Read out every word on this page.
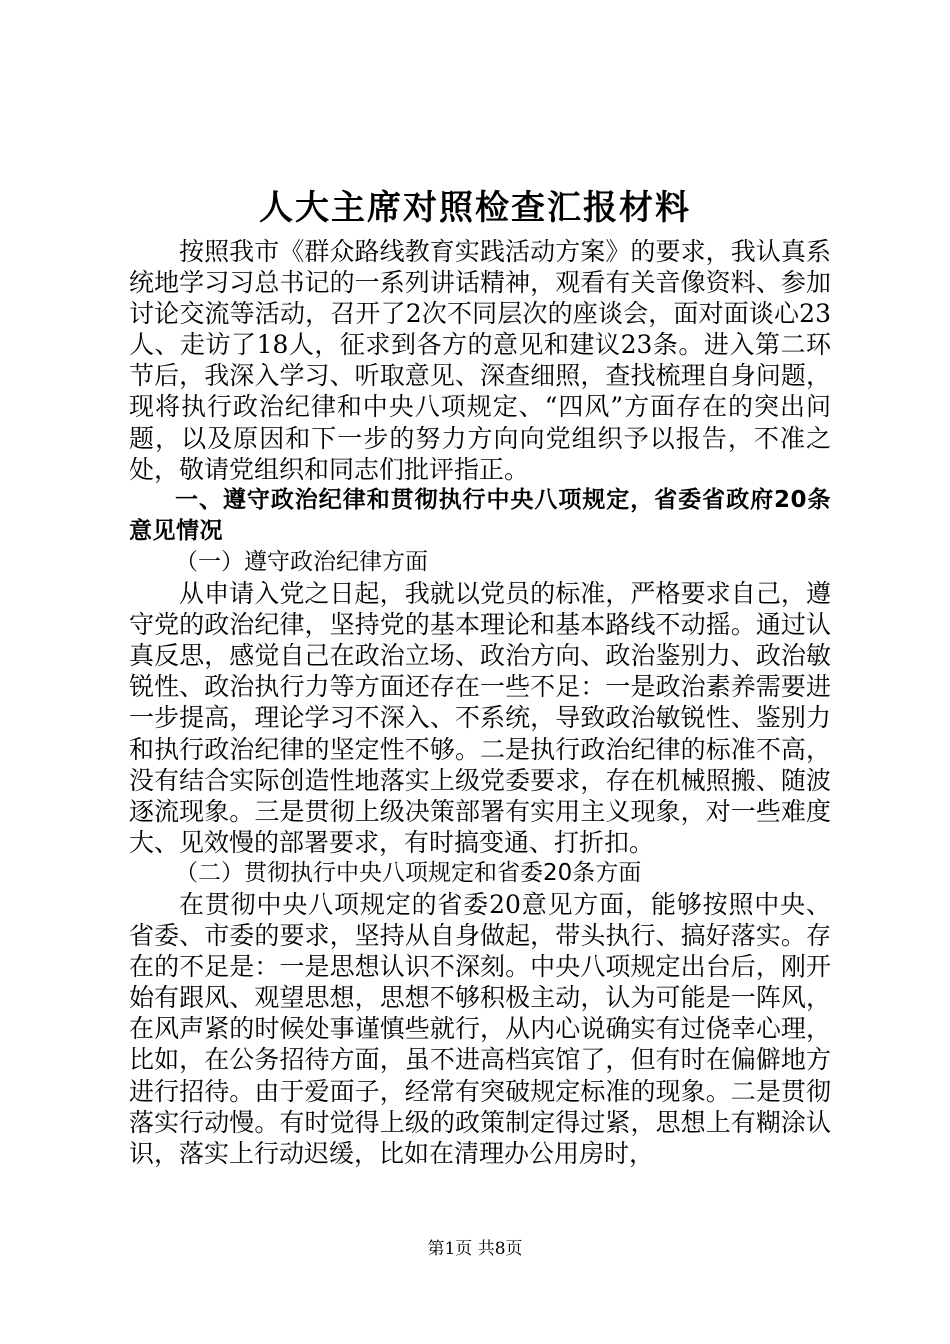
人大主席对照检查汇报材料

按照我市《群众路线教育实践活动方案》的要求，我认真系统地学习习总书记的一系列讲话精神，观看有关音像资料、参加讨论交流等活动，召开了2次不同层次的座谈会，面对面谈心23人、走访了18人，征求到各方的意见和建议23条。进入第二环节后，我深入学习、听取意见、深查细照，查找梳理自身问题，现将执行政治纪律和中央八项规定、“四风”方面存在的突出问题，以及原因和下一步的努力方向向党组织予以报告，不准之处，敬请党组织和同志们批评指正。

一、遵守政治纪律和贯彻执行中央八项规定，省委省政府20条意见情况

（一）遵守政治纪律方面

从申请入党之日起，我就以党员的标准，严格要求自己，遵守党的政治纪律，坚持党的基本理论和基本路线不动摇。通过认真反思，感觉自己在政治立场、政治方向、政治鉴别力、政治敏锐性、政治执行力等方面还存在一些不足：一是政治素养需要进一步提高，理论学习不深入、不系统，导致政治敏锐性、鉴别力和执行政治纪律的坚定性不够。二是执行政治纪律的标准不高，没有结合实际创造性地落实上级党委要求，存在机械照搬、随波逐流现象。三是贯彻上级决策部署有实用主义现象，对一些难度大、见效慢的部署要求，有时搞变通、打折扣。

（二）贯彻执行中央八项规定和省委20条方面

在贯彻中央八项规定的省委20意见方面，能够按照中央、省委、市委的要求，坚持从自身做起，带头执行、搞好落实。存在的不足是：一是思想认识不深刻。中央八项规定出台后，刚开始有跟风、观望思想，思想不够积极主动，认为可能是一阵风，在风声紧的时候处事谨慎些就行，从内心说确实有过侥幸心理，比如，在公务招待方面，虽不进高档宾馆了，但有时在偏僻地方进行招待。由于爱面子，经常有突破规定标准的现象。二是贯彻落实行动慢。有时觉得上级的政策制定得过紧，思想上有糊涂认识，落实上行动迟缓，比如在清理办公用房时，

第1页 共8页
